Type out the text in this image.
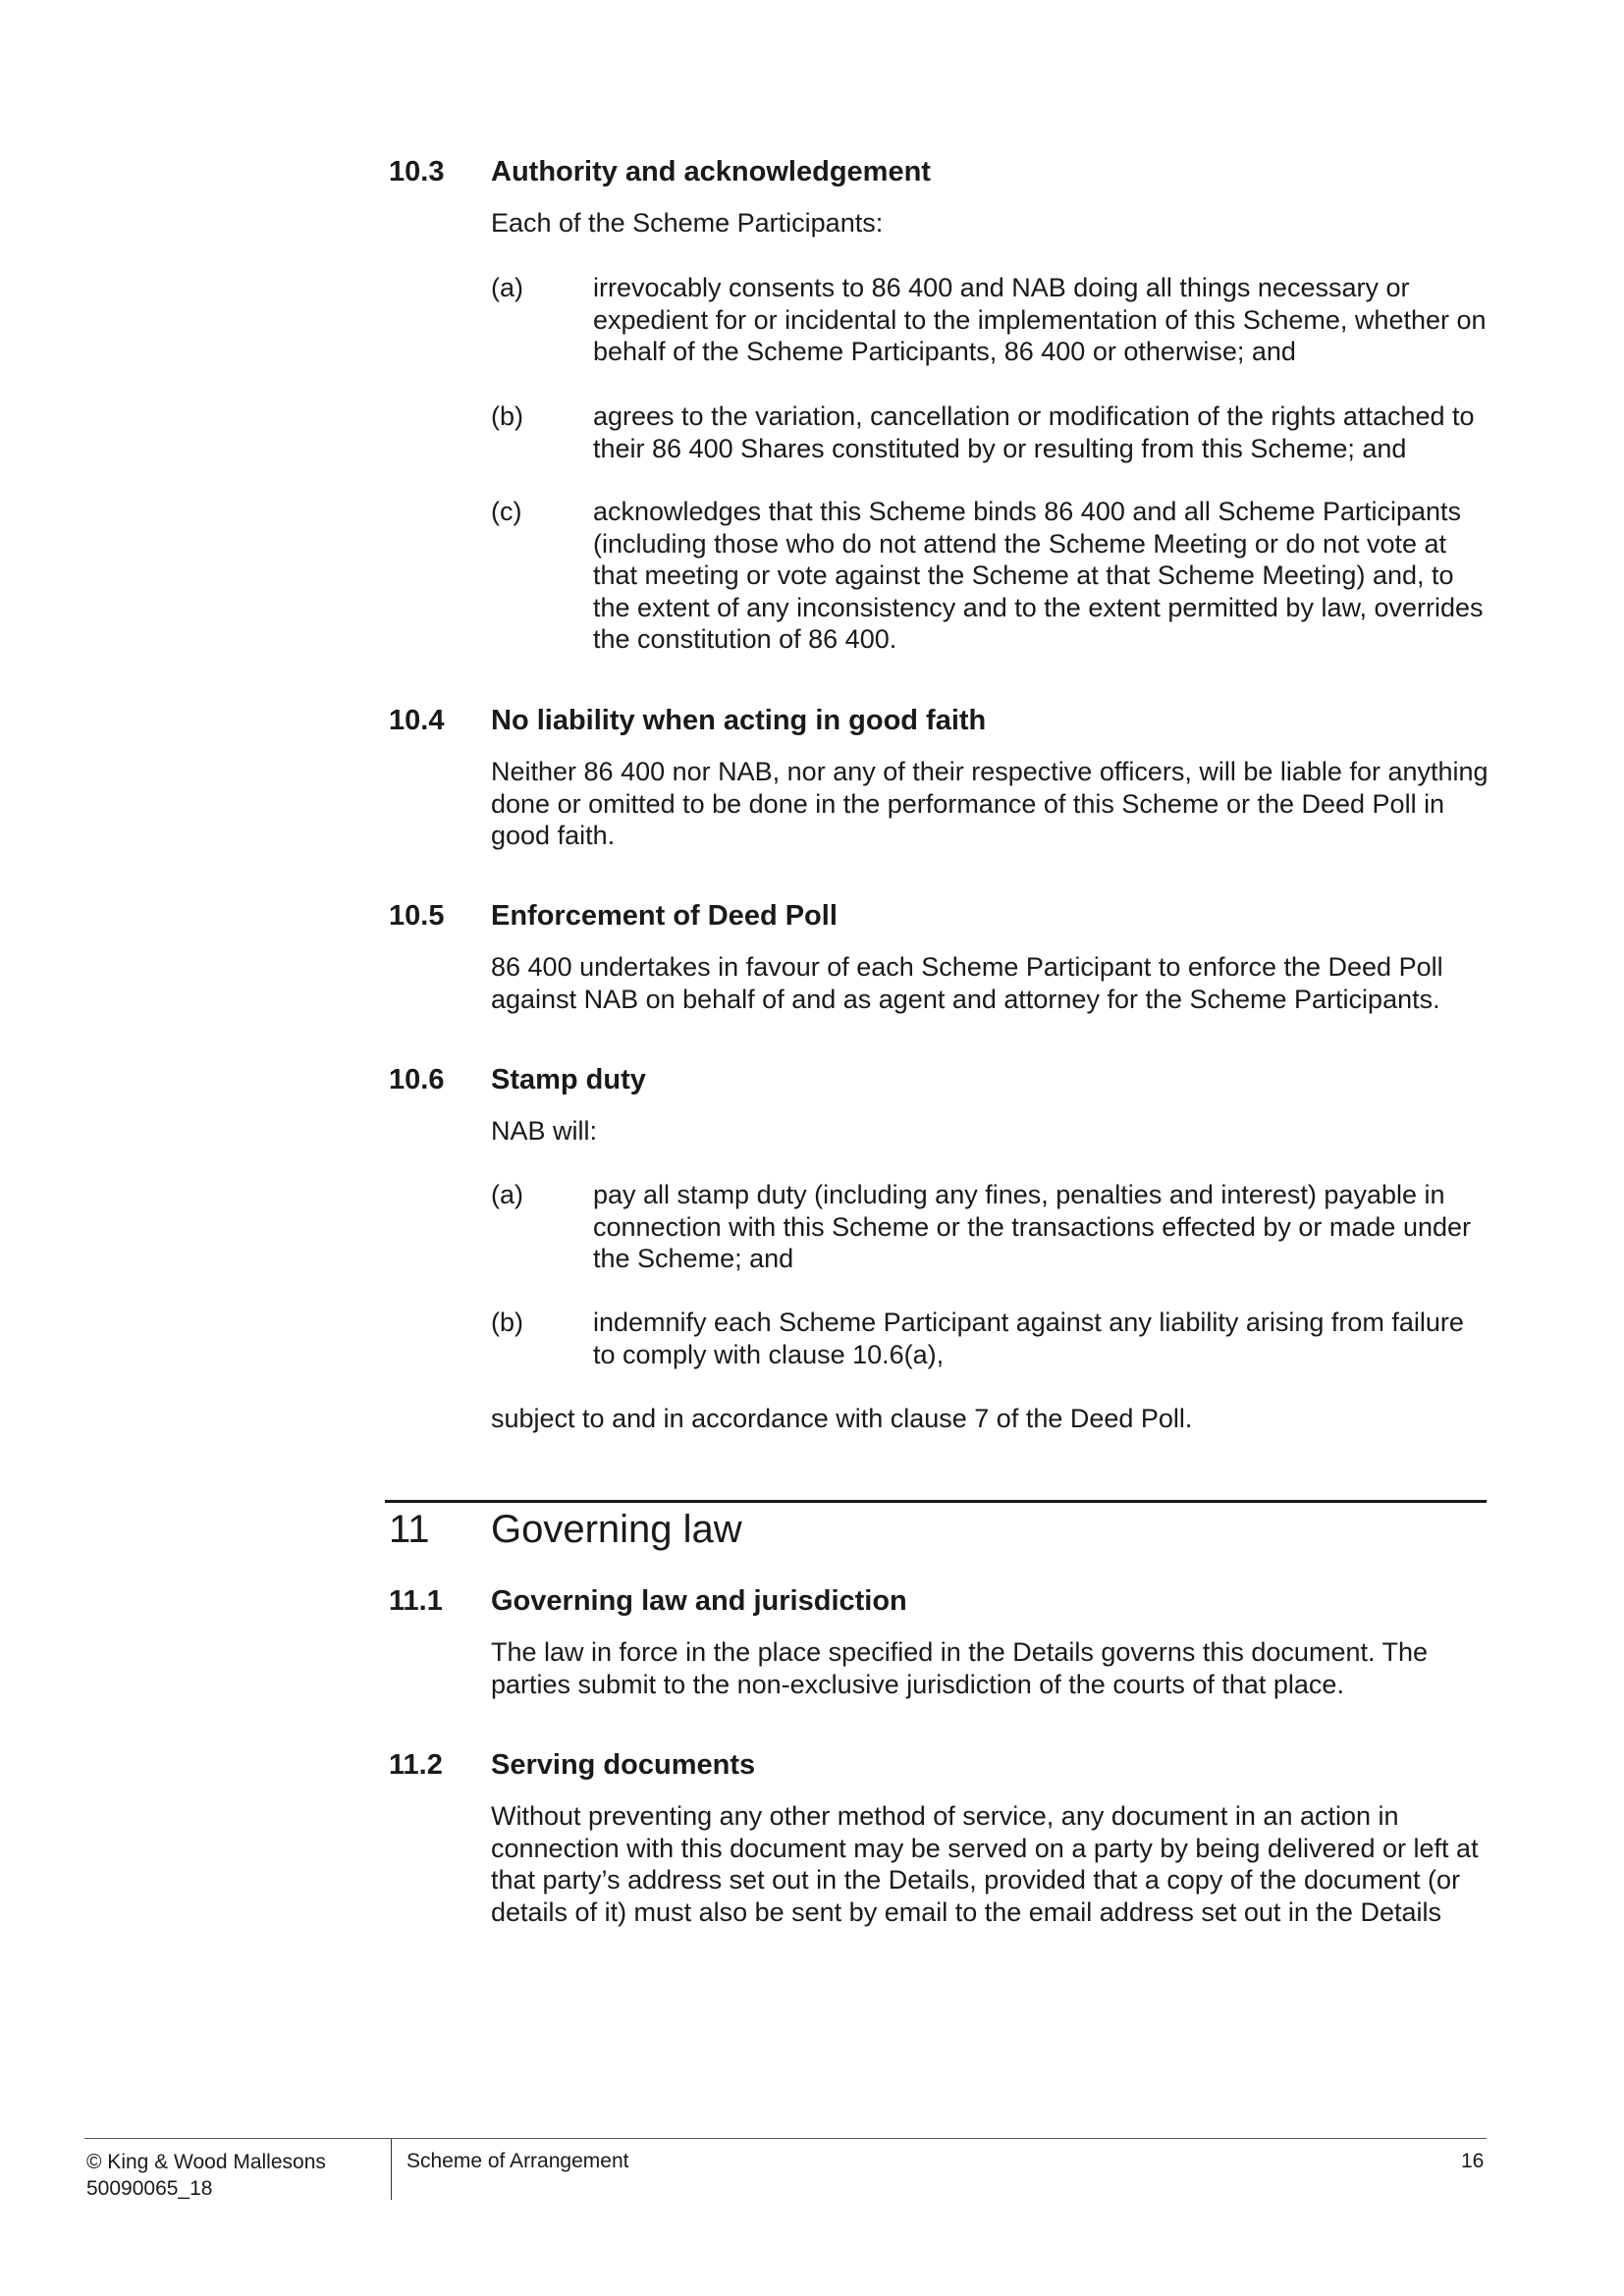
10.3 Authority and acknowledgement
Each of the Scheme Participants:
(a)	irrevocably consents to 86 400 and NAB doing all things necessary or expedient for or incidental to the implementation of this Scheme, whether on behalf of the Scheme Participants, 86 400 or otherwise; and
(b)	agrees to the variation, cancellation or modification of the rights attached to their 86 400 Shares constituted by or resulting from this Scheme; and
(c)	acknowledges that this Scheme binds 86 400 and all Scheme Participants (including those who do not attend the Scheme Meeting or do not vote at that meeting or vote against the Scheme at that Scheme Meeting) and, to the extent of any inconsistency and to the extent permitted by law, overrides the constitution of 86 400.
10.4 No liability when acting in good faith
Neither 86 400 nor NAB, nor any of their respective officers, will be liable for anything done or omitted to be done in the performance of this Scheme or the Deed Poll in good faith.
10.5 Enforcement of Deed Poll
86 400 undertakes in favour of each Scheme Participant to enforce the Deed Poll against NAB on behalf of and as agent and attorney for the Scheme Participants.
10.6 Stamp duty
NAB will:
(a)	pay all stamp duty (including any fines, penalties and interest) payable in connection with this Scheme or the transactions effected by or made under the Scheme; and
(b)	indemnify each Scheme Participant against any liability arising from failure to comply with clause 10.6(a),
subject to and in accordance with clause 7 of the Deed Poll.
11 Governing law
11.1 Governing law and jurisdiction
The law in force in the place specified in the Details governs this document. The parties submit to the non-exclusive jurisdiction of the courts of that place.
11.2 Serving documents
Without preventing any other method of service, any document in an action in connection with this document may be served on a party by being delivered or left at that party’s address set out in the Details, provided that a copy of the document (or details of it) must also be sent by email to the email address set out in the Details
© King & Wood Mallesons
50090065_18
Scheme of Arrangement	16
